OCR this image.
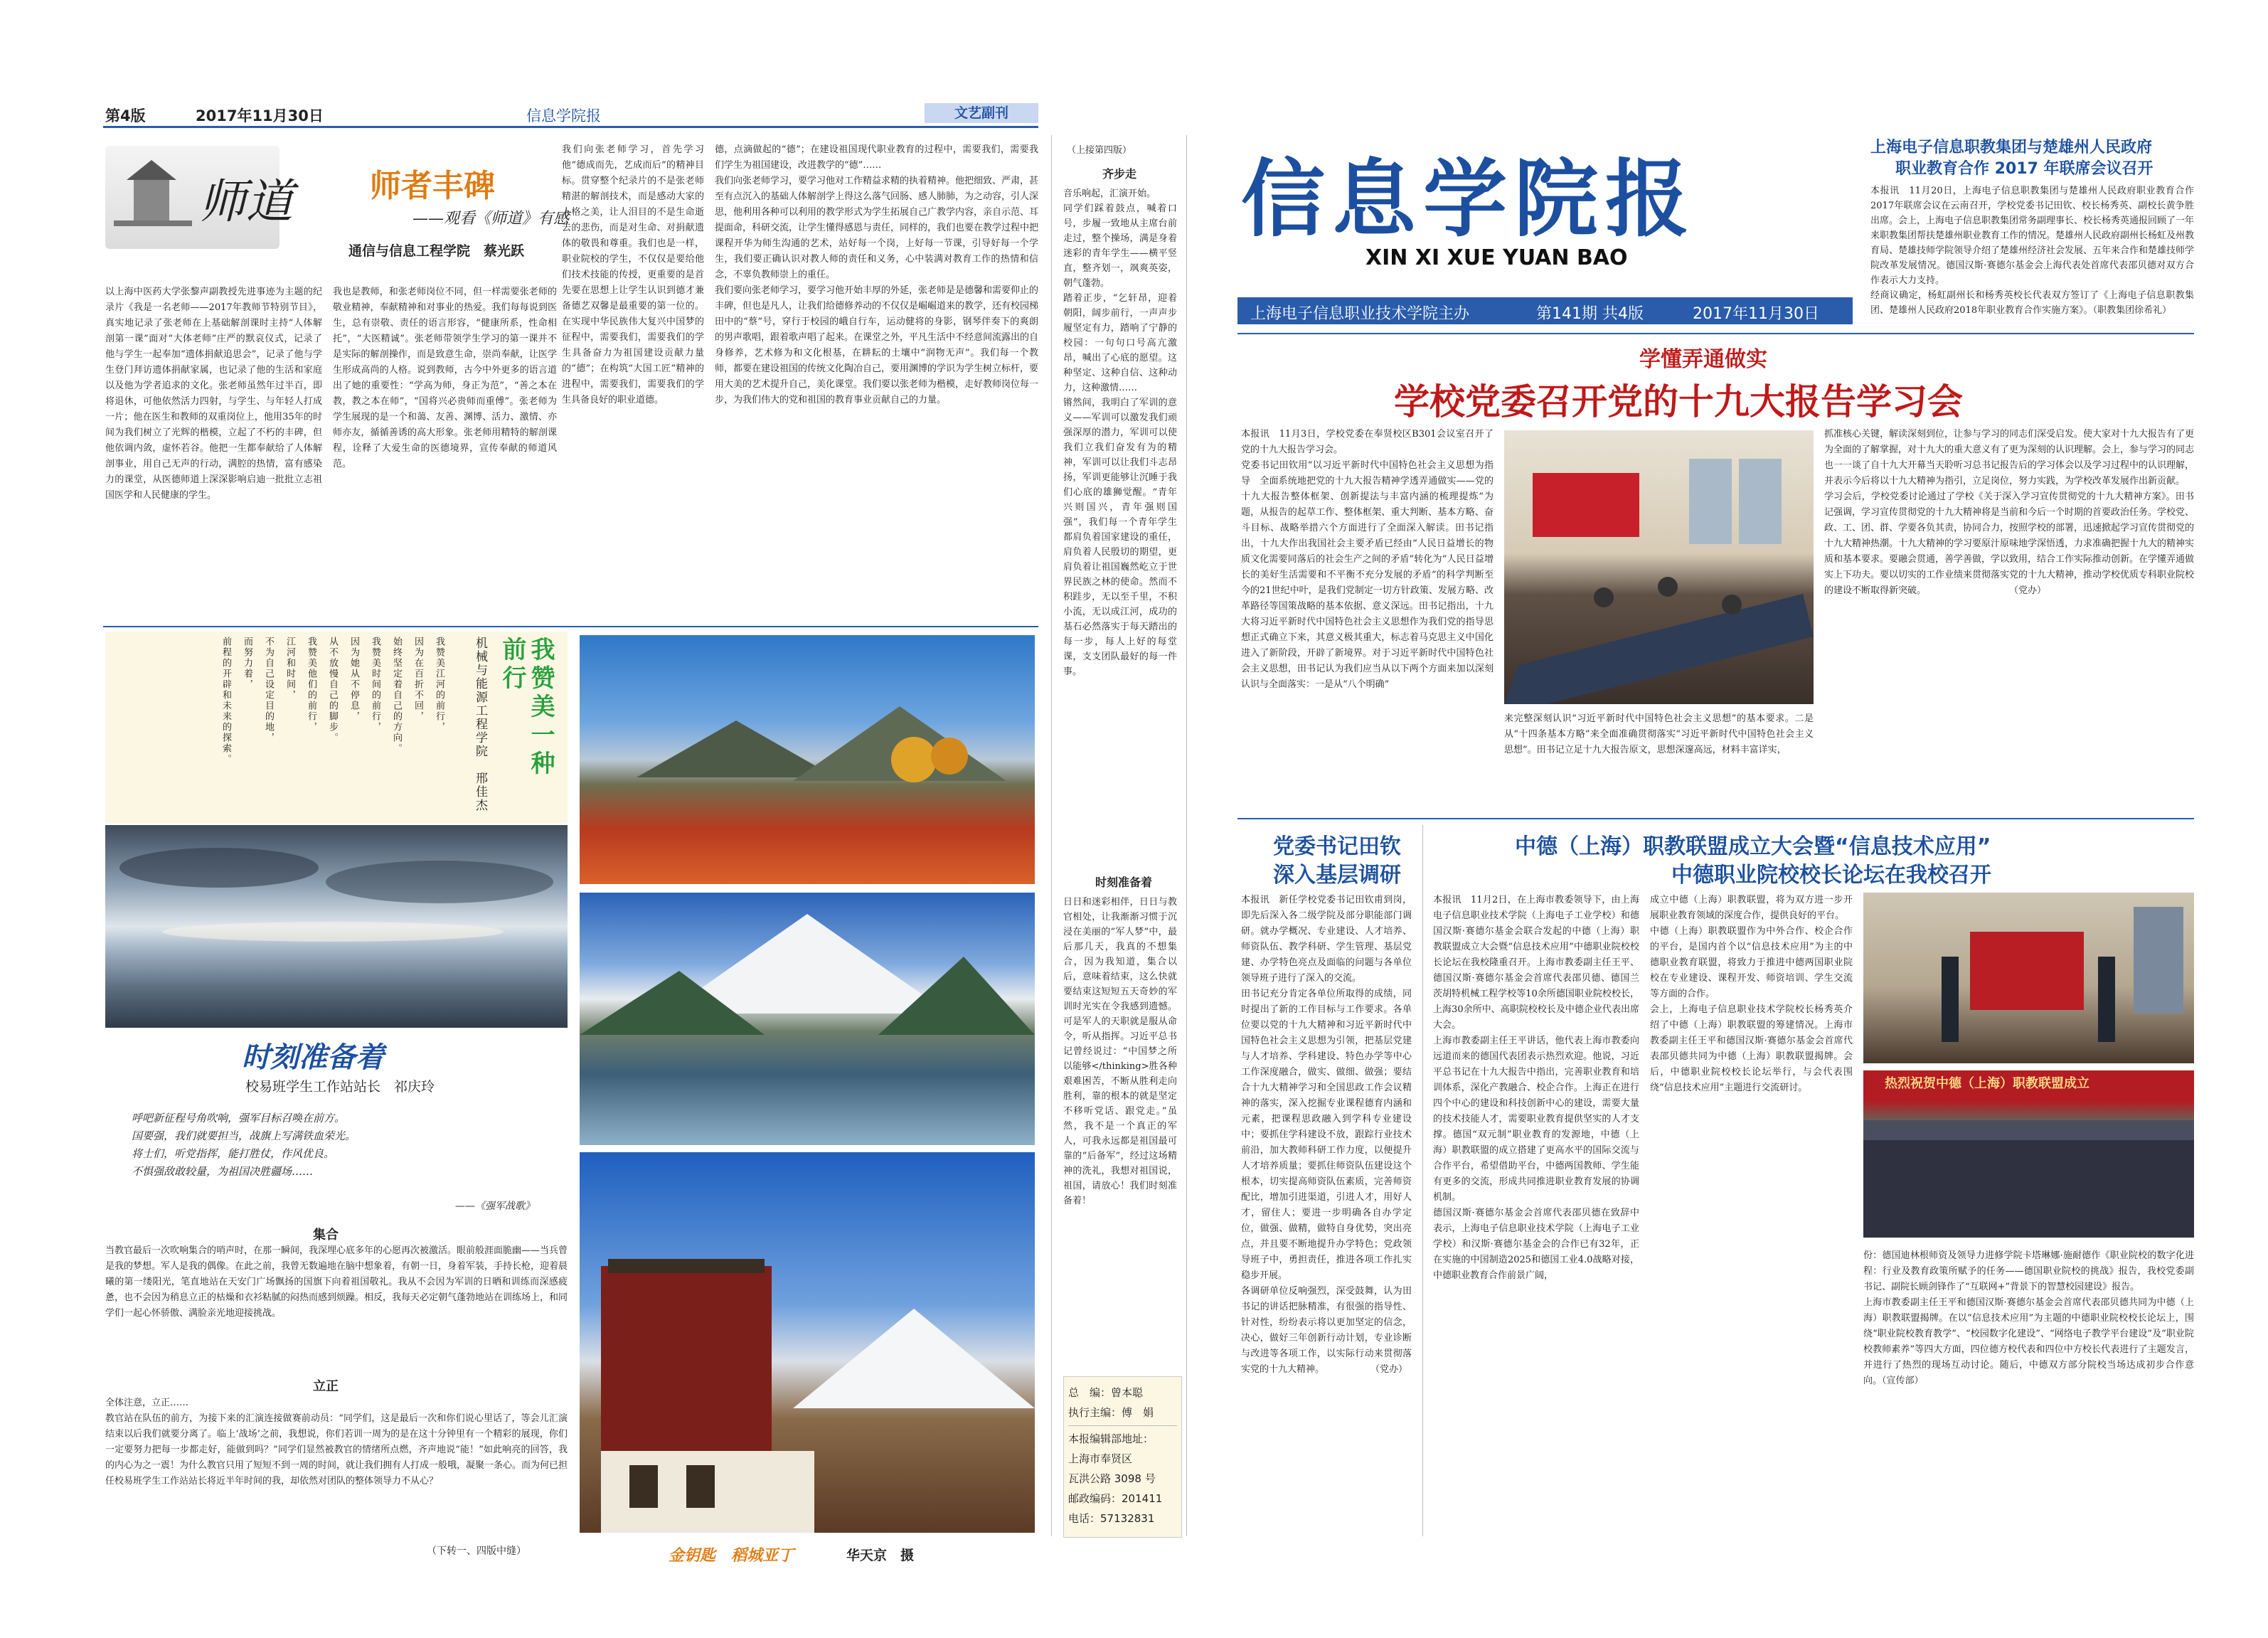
第4版	2017年11月30日	信息学院报	文艺副刊
师道 师者丰碑
——观看《师道》有感
通信与信息工程学院　蔡光跃
以上海中医药大学张黎声副教授先进事迹为主题的纪录片《我是一名老师——2017年教师节特别节目》，真实地记录了张老师在上基础解剖课时主持“人体解剖第一课”面对“大体老师”庄严的默哀仪式，记录了他与学生一起奉加“遗体捐献追思会”，记录了他与学生登门拜访遗体捐献家属，也记录了他的生活和家庭以及他为学者追求的文化。张老师虽然年过半百，即将退休，可他依然活力四射，与学生、与年轻人打成一片；他在医生和教师的双重岗位上，他用35年的时间为我们树立了光辉的楷模，立起了不朽的丰碑，但他依调内敛，虚怀若谷。他把一生都奉献给了人体解剖事业，用自己无声的行动，满腔的热情，富有感染力的课堂，从医德师道上深深影响启迪一批批立志祖国医学和人民健康的学生。
我也是教师，和张老师岗位不同，但一样需要张老师的敬业精神，奉献精神和对事业的热爱。我们每每说到医生，总有崇敬、责任的语言形容，“健康所系，性命相托”，“大医精诚”。张老师带领学生学习的第一课并不是实际的解剖操作，而是致意生命，崇尚奉献，让医学生形成高尚的人格。说到教师，古今中外更多的语言道出了她的重要性：“学高为师，身正为范”，“善之本在教，教之本在师”，“国将兴必贵师而重傅”。张老师为学生展现的是一个和蔼、友善、渊博、活力、激情、亦师亦友，循循善诱的高大形象。张老师用精特的解剖课程，诠释了大爱生命的医德境界，宣传奉献的师道风范。
我们向张老师学习，首先学习他“德成而先，艺成而后”的精神目标。贯穿整个纪录片的不是张老师精湛的解剖技术，而是感动大家的人格之美，让人泪目的不是生命逝去的悲伤，而是对生命、对捐献遗体的敬畏和尊重。我们也是一样，职业院校的学生，不仅仅是要给他们技术技能的传授，更重要的是首先要在思想上让学生认识到德才兼备德艺双馨是最重要的第一位的。在实现中华民族伟大复兴中国梦的征程中，需要我们，需要我们的学生具备奋力为祖国建设贡献力量的“德”；在构筑“大国工匠”精神的进程中，需要我们，需要我们的学生具备良好的职业道德。
德，点滴做起的“德”；在建设祖国现代职业教育的过程中，需要我们，需要我们学生为祖国建设，改进教学的“德”……
我们向张老师学习，要学习他对工作精益求精的执着精神。他把细致、严肃，甚至有点沉入的基础人体解剖学上得这么落气回肠、感人肺肺，为之动容，引人深思，他利用各种可以利用的教学形式为学生拓展自己广教学内容，亲自示范、耳提面命，科研交流，让学生懂得感恩与责任，同样的，我们也要在教学过程中把课程开华为师生沟通的艺术，站好每一个岗，上好每一节课，引导好每一个学生，我们要正确认识对教人师的责任和义务，心中装满对教育工作的热情和信念，不辜负教师崇上的重任。
我们要向张老师学习，要学习他开始丰厚的外延，张老师是是德馨和需要仰止的丰碑，但也是凡人，让我们给德修养动的不仅仅是崛崛道来的教学，还有校园梯田中的“蔡”号，穿行于校园的峨自行车，运动健将的身影，钢琴伴奏下的爽朗的男声歌唱，跟着歌声唱了起来。在课堂之外，平凡生活中不经意间流露出的自身修养，艺术修为和文化根基，在耕耘的土壤中“润物无声”。我们每一个教师，都要在建设祖国的传统文化陶冶自己，要用渊博的学识为学生树立标杆，要用大美的艺术提升自己，美化课堂。我们要以张老师为楷模，走好教师岗位每一步，为我们伟大的党和祖国的教育事业贡献自己的力量。
我赞美一种前行
机械与能源工程学院　邢佳杰
我赞美江河的前行，
因为在百折不回，
始终坚定着自己的方向。
我赞美时间的前行，
因为她从不停息，
从不放慢自己的脚步。
我赞美他们的前行，
江河和时间，
不为自己设定目的地，
而努力着，
前程的开辟和未来的探索。
时刻准备着
校易班学生工作站站长　祁庆玲
呼吧新征程号角吹响，强军目标召唤在前方。
国要强，我们就要担当，战旗上写满铁血荣光。
将士们，听党指挥，能打胜仗，作风优良。
不惧强敌敢较量，为祖国决胜疆场……
——《强军战歌》
集合
当教官最后一次吹响集合的哨声时，在那一瞬间，我深埋心底多年的心愿再次被激活。眼前般涯面脆幽——当兵曾是我的梦想。军人是我的偶像。在此之前，我曾无数遍地在脑中想象着，有朝一日，身着军装，手持长枪，迎着晨曦的第一缕阳光，笔直地站在天安门广场飘扬的国旗下向着祖国敬礼。我从不会因为军训的日晒和训练而深感疲惫，也不会因为稍息立正的枯燥和衣衫粘腻的闷热而感到烦躁。相反，我每天必定朝气蓬勃地站在训练场上，和同学们一起心怀骄傲、满脸亲光地迎接挑战。
立正
全体注意，立正……
教官站在队伍的前方，为接下来的汇演连接做赛前动员：“同学们，这是最后一次和你们说心里话了，等会儿汇演结束以后我们就要分离了。临上‘战场’之前，我想说，你们若训一周为的是在这十分钟里有一个精彩的展现，你们一定要努力把每一步都走好，能做到吗？”同学们显然被教官的情绪所点燃，齐声地说“能！”如此响亮的回答，我的内心为之一震！为什么教官只用了短短不到一周的时间，就让我们拥有人打成一般哦，凝聚一条心。而为何已担任校易班学生工作站站长将近半年时间的我，却依然对团队的整体领导力不从心？
（下转一、四版中缝）	金钥匙　稻城亚丁	华天京　摄
（上接第四版）
齐步走
音乐响起，汇演开始。
同学们踩着鼓点，喊着口号，步履一致地从主席台前走过，整个操场，满是身着迷彩的青年学生——横平竖直，整齐划一，飒爽英姿，朝气蓬勃。
踏着正步，“乞轩昂，迎着朝阳，阔步前行，一声声步履坚定有力，踏响了宁静的校园：一句句口号高亢激昂，喊出了心底的愿望。这种坚定、这种自信、这种动力，这种激情……
锵然间，我明白了军训的意义——军训可以激发我们顽强深厚的潜力，军训可以使我们立我们奋发有为的精神，军训可以让我们斗志昂扬，军训更能够让沉睡于我们心底的雄狮觉醒。“青年兴则国兴，青年强则国强”，我们每一个青年学生都肩负着国家建设的重任，肩负着人民殷切的期望，更肩负着让祖国巍然屹立于世界民族之林的使命。然而不积跬步，无以至千里，不积小流，无以成江河，成功的基石必然落实于每天踏出的每一步，每人上好的每堂课，支支团队最好的每一件事。
时刻准备着
日日和迷彩相伴，日日与教官相处，让我渐渐习惯于沉浸在美丽的“军人梦”中，最后那几天，我真的不想集合，因为我知道，集合以后，意味着结束，这么快就要结束这短短五天奇妙的军训时光实在令我感到遗憾。可是军人的天职就是服从命令，听从指挥。习近平总书记曾经说过：“中国梦之所以能够</thinking>胜各种艰难困苦，不断从胜利走向胜利，靠的根本的就是坚定不移听党话、跟党走。”虽然，我不是一个真正的军人，可我永远都是祖国最可靠的“后备军”，经过这场精神的洗礼，我想对祖国说，祖国，请放心！我们时刻准备着！
总　编：曾本聪
执行主编：傅　娟
本报编辑部地址：
上海市奉贤区
瓦洪公路 3098 号
邮政编码：201411
电话：57132831
信息学院报
XIN XI XUE YUAN BAO
上海电子信息职业技术学院主办	第141期 共4版	2017年11月30日
上海电子信息职教集团与楚雄州人民政府
职业教育合作 2017 年联席会议召开
本报讯　11月20日，上海电子信息职教集团与楚雄州人民政府职业教育合作2017年联席会议在云南召开，学校党委书记田钦、校长杨秀英、副校长黄争胜出席。会上，上海电子信息职教集团常务副理事长、校长杨秀英通报回顾了一年来职教集团帮扶楚雄州职业教育工作的情况。楚雄州人民政府副州长杨虹及州教育局、楚雄技师学院领导介绍了楚雄州经济社会发展、五年来合作和楚雄技师学院改革发展情况。德国汉斯·赛德尔基金会上海代表处首席代表邵贝德对双方合作表示大力支持。
经商议确定，杨虹副州长和杨秀英校长代表双方签订了《上海电子信息职教集团、楚雄州人民政府2018年职业教育合作实施方案》。（职教集团徐希礼）
学懂弄通做实
学校党委召开党的十九大报告学习会
本报讯　11月3日，学校党委在奉贤校区B301会议室召开了党的十九大报告学习会。
党委书记田钦用“以习近平新时代中国特色社会主义思想为指导　全面系统地把党的十九大报告精神学透弄通做实——党的十九大报告整体框架、创新提法与丰富内涵的梳理提炼”为题，从报告的起草工作、整体框架、重大判断、基本方略、奋斗目标、战略举措六个方面进行了全面深入解读。田书记指出，十九大作出我国社会主要矛盾已经由“人民日益增长的物质文化需要同落后的社会生产之间的矛盾”转化为“人民日益增长的美好生活需要和不平衡不充分发展的矛盾”的科学判断至今的21世纪中叶，是我们党制定一切方针政策、发展方略、改革路径等国策战略的基本依据、意义深远。田书记指出，十九大将习近平新时代中国特色社会主义思想作为我们党的指导思想正式确立下来，其意义极其重大，标志着马克思主义中国化进入了新阶段，开辟了新境界。对于习近平新时代中国特色社会主义思想，田书记认为我们应当从以下两个方面来加以深刻认识与全面落实：一是从“八个明确”
来完整深刻认识“习近平新时代中国特色社会主义思想”的基本要求。二是从“十四条基本方略”来全面准确贯彻落实“习近平新时代中国特色社会主义思想”。田书记立足十九大报告原文，思想深邃高远，材料丰富详实，
抓准核心关键，解读深刻到位，让参与学习的同志们深受启发。使大家对十九大报告有了更为全面的了解掌握，对十九大的重大意义有了更为深刻的认识理解。会上，参与学习的同志也一一谈了自十九大开幕当天聆听习总书记报告后的学习体会以及学习过程中的认识理解，并表示今后将以十九大精神为指引，立足岗位，努力实践，为学校改革发展作出新贡献。
学习会后，学校党委讨论通过了学校《关于深入学习宣传贯彻党的十九大精神方案》。田书记强调，学习宣传贯彻党的十九大精神将是当前和今后一个时期的首要政治任务。学校党、政、工、团、群、学要各负其责，协同合力，按照学校的部署，迅速掀起学习宣传贯彻党的十九大精神热潮。十九大精神的学习要原汁原味地学深悟透，力求准确把握十九大的精神实质和基本要求。要融会贯通，善学善做，学以致用，结合工作实际推动创新。在学懂弄通做实上下功夫。要以切实的工作业绩来贯彻落实党的十九大精神，推动学校优质专科职业院校的建设不断取得新突破。　　　　　　　　　　（党办）
党委书记田钦
深入基层调研
本报讯　新任学校党委书记田钦甫到岗，即先后深入各二级学院及部分职能部门调研。就办学概况、专业建设、人才培养、师资队伍、教学科研、学生管理、基层党建、办学特色亮点及面临的问题与各单位领导班子进行了深入的交流。
田书记充分肯定各单位所取得的成绩，同时提出了新的工作目标与工作要求。各单位要以党的十九大精神和习近平新时代中国特色社会主义思想为引领，把基层党建与人才培养、学科建设、特色办学等中心工作深度融合，做实、做细、做强；要结合十九大精神学习和全国思政工作会议精神的落实，深入挖掘专业课程德育内涵和元素，把课程思政融入到学科专业建设中；要抓住学科建设不放，跟踪行业技术前沿，加大教师科研工作力度，以便提升人才培养质量；要抓住师资队伍建设这个根本，切实提高师资队伍素质，完善师资配比，增加引进渠道，引进人才，用好人才，留住人；要进一步明确各自办学定位，做强、做精，做特自身优势，突出亮点，并且要不断地提升办学特色；党政领导班子中，勇担责任，推进各项工作扎实稳步开展。
各调研单位反响强烈，深受鼓舞，认为田书记的讲话把脉精准，有很强的指导性、针对性，纷纷表示将以更加坚定的信念，决心，做好三年创新行动计划，专业诊断与改进等各项工作，以实际行动来贯彻落实党的十九大精神。　　　　　　（党办）
中德（上海）职教联盟成立大会暨“信息技术应用”
中德职业院校校长论坛在我校召开
本报讯　11月2日，在上海市教委领导下，由上海电子信息职业技术学院（上海电子工业学校）和德国汉斯·赛德尔基金会联合发起的中德（上海）职教联盟成立大会暨“信息技术应用”中德职业院校校长论坛在我校隆重召开。上海市教委副主任王平、德国汉斯·赛德尔基金会首席代表邵贝德、德国兰茨胡特机械工程学校等10余所德国职业院校校长，上海30余所中、高职院校校长及中德企业代表出席大会。
上海市教委副主任王平讲话，他代表上海市教委向远道而来的德国代表团表示热烈欢迎。他说，习近平总书记在十九大报告中指出，完善职业教育和培训体系，深化产教融合、校企合作。上海正在进行四个中心的建设和科技创新中心的建设，需要大量的技术技能人才，需要职业教育提供坚实的人才支撑。德国“双元制”职业教育的发源地，中德（上海）职教联盟的成立搭建了更高水平的国际交流与合作平台，希望借助平台，中德两国教师、学生能有更多的交流，形成共同推进职业教育发展的协调机制。
德国汉斯·赛德尔基金会首席代表邵贝德在致辞中表示，上海电子信息职业技术学院（上海电子工业学校）和汉斯·赛德尔基金会的合作已有32年，正在实施的中国制造2025和德国工业4.0战略对接，中德职业教育合作前景广阔，
成立中德（上海）职教联盟，将为双方进一步开展职业教育领域的深度合作，提供良好的平台。
中德（上海）职教联盟作为中外合作、校企合作的平台，是国内首个以“信息技术应用”为主的中德职业教育联盟，将致力于推进中德两国职业院校在专业建设、课程开发、师资培训、学生交流等方面的合作。
会上，上海电子信息职业技术学院校长杨秀英介绍了中德（上海）职教联盟的筹建情况。上海市教委副主任王平和德国汉斯·赛德尔基金会首席代表邵贝德共同为中德（上海）职教联盟揭牌。会后，中德职业院校校长论坛举行，与会代表围绕“信息技术应用”主题进行交流研讨。	热烈祝贺中德（上海）职教联盟成立
份：德国迪林根师资及领导力进修学院卡塔琳娜·施耐德作《职业院校的数字化进程：行业及教育政策所赋予的任务——德国职业院校的挑战》报告，我校党委副书记、副院长顾剑锋作了“互联网+”背景下的智慧校园建设》报告。
上海市教委副主任王平和德国汉斯·赛德尔基金会首席代表邵贝德共同为中德（上海）职教联盟揭牌。在以“信息技术应用”为主题的中德职业院校校长论坛上，围绕“职业院校教育教学”、“校园数字化建设”、“网络电子教学平台建设”及“职业院校教师素养”等四大方面，四位德方校代表和四位中方校长代表进行了主题发言，并进行了热烈的现场互动讨论。随后，中德双方部分院校当场达成初步合作意向。（宣传部）
